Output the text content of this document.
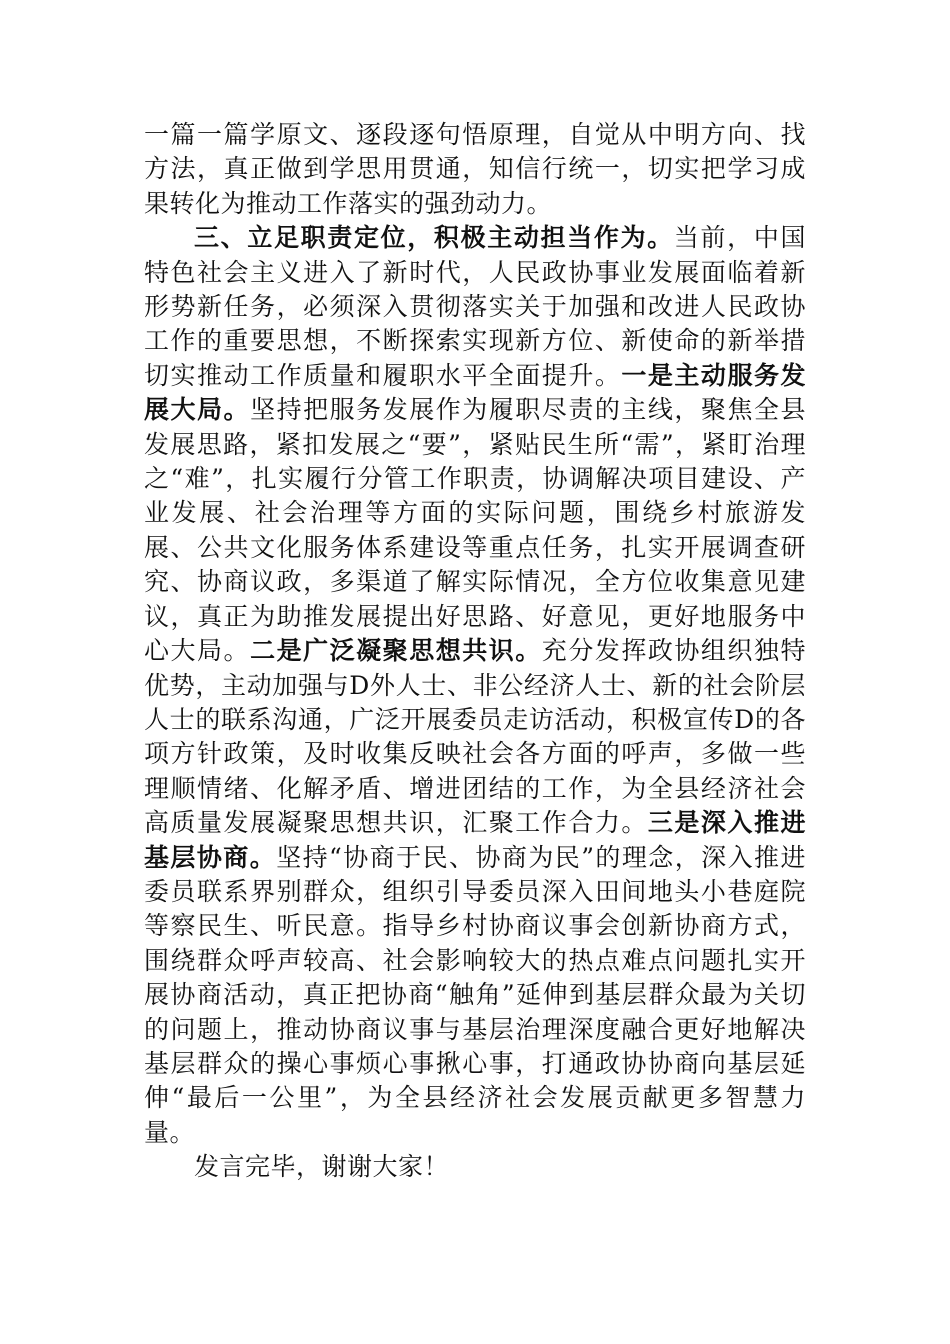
一篇一篇学原文、逐段逐句悟原理，自觉从中明方向、找方法，真正做到学思用贯通，知信行统一，切实把学习成果转化为推动工作落实的强劲动力。

三、立足职责定位，积极主动担当作为。当前，中国特色社会主义进入了新时代，人民政协事业发展面临着新形势新任务，必须深入贯彻落实关于加强和改进人民政协工作的重要思想，不断探索实现新方位、新使命的新举措切实推动工作质量和履职水平全面提升。一是主动服务发展大局。坚持把服务发展作为履职尽责的主线，聚焦全县发展思路，紧扣发展之“要”，紧贴民生所“需”，紧盯治理之“难”，扎实履行分管工作职责，协调解决项目建设、产业发展、社会治理等方面的实际问题，围绕乡村旅游发展、公共文化服务体系建设等重点任务，扎实开展调查研究、协商议政，多渠道了解实际情况，全方位收集意见建议，真正为助推发展提出好思路、好意见，更好地服务中心大局。二是广泛凝聚思想共识。充分发挥政协组织独特优势，主动加强与D外人士、非公经济人士、新的社会阶层人士的联系沟通，广泛开展委员走访活动，积极宣传D的各项方针政策，及时收集反映社会各方面的呼声，多做一些理顺情绪、化解矛盾、增进团结的工作，为全县经济社会高质量发展凝聚思想共识，汇聚工作合力。三是深入推进基层协商。坚持“协商于民、协商为民”的理念，深入推进委员联系界别群众，组织引导委员深入田间地头小巷庭院等察民生、听民意。指导乡村协商议事会创新协商方式，围绕群众呼声较高、社会影响较大的热点难点问题扎实开展协商活动，真正把协商“触角”延伸到基层群众最为关切的问题上，推动协商议事与基层治理深度融合更好地解决基层群众的操心事烦心事揪心事，打通政协协商向基层延伸“最后一公里”，为全县经济社会发展贡献更多智慧力量。

发言完毕，谢谢大家！
